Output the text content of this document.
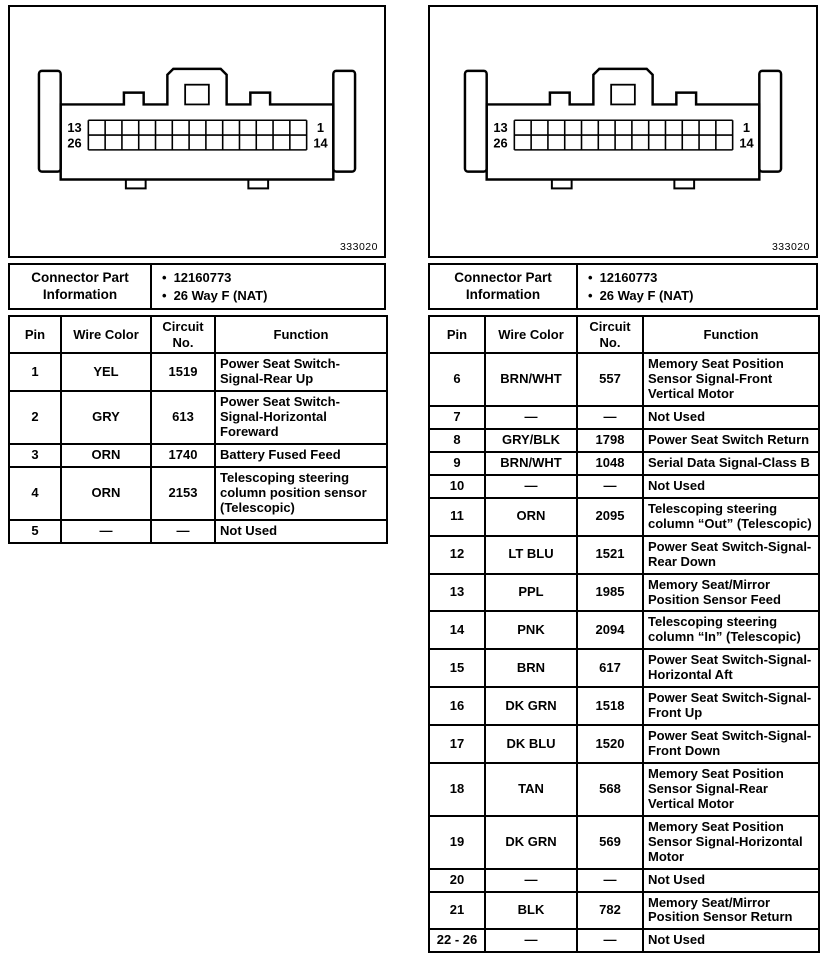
13
26
1
14
333020
Connector Part Information	
• 12160773
• 26 Way F (NAT)
Pin	Wire Color	Circuit No.	Function
1	YEL	1519	Power Seat Switch-Signal-Rear Up
2	GRY	613	Power Seat Switch-Signal-Horizontal Foreward
3	ORN	1740	Battery Fused Feed
4	ORN	2153	Telescoping steering column position sensor (Telescopic)
5	—	—	Not Used
13
26
1
14
333020
Connector Part Information	
• 12160773
• 26 Way F (NAT)
Pin	Wire Color	Circuit No.	Function
6	BRN/WHT	557	Memory Seat Position Sensor Signal-Front Vertical Motor
7	—	—	Not Used
8	GRY/BLK	1798	Power Seat Switch Return
9	BRN/WHT	1048	Serial Data Signal-Class B
10	—	—	Not Used
11	ORN	2095	Telescoping steering column “Out” (Telescopic)
12	LT BLU	1521	Power Seat Switch-Signal-Rear Down
13	PPL	1985	Memory Seat/Mirror Position Sensor Feed
14	PNK	2094	Telescoping steering column “In” (Telescopic)
15	BRN	617	Power Seat Switch-Signal-Horizontal Aft
16	DK GRN	1518	Power Seat Switch-Signal-Front Up
17	DK BLU	1520	Power Seat Switch-Signal-Front Down
18	TAN	568	Memory Seat Position Sensor Signal-Rear Vertical Motor
19	DK GRN	569	Memory Seat Position Sensor Signal-Horizontal Motor
20	—	—	Not Used
21	BLK	782	Memory Seat/Mirror Position Sensor Return
22 - 26	—	—	Not Used
